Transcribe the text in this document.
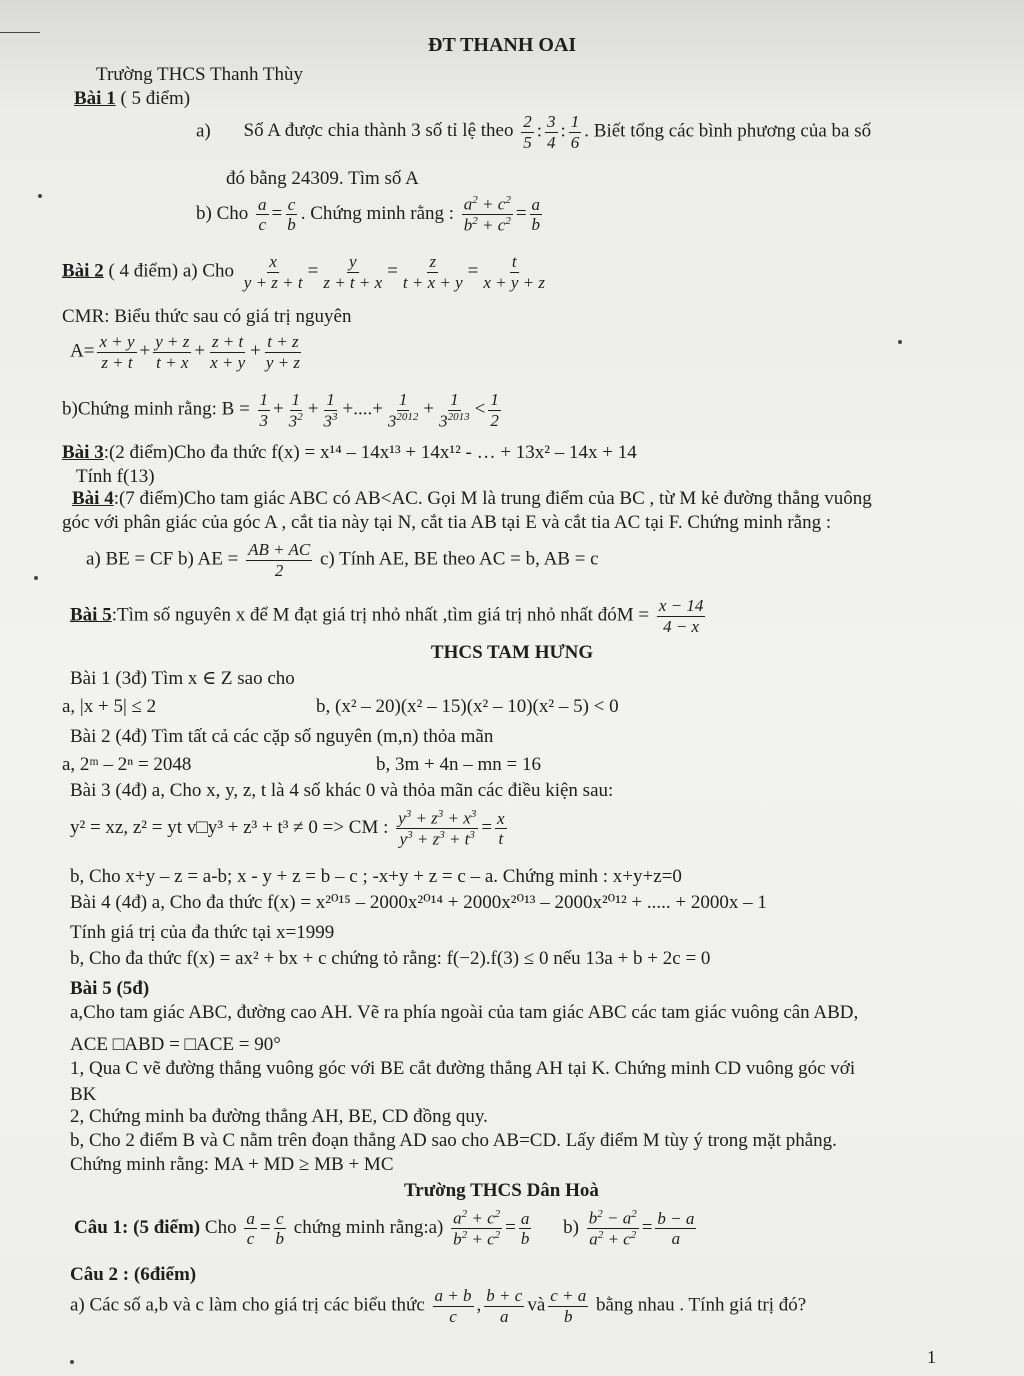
ĐT THANH OAI
Trường THCS Thanh Thùy
Bài 1 ( 5 điểm)
a) Số A được chia thành 3 số tỉ lệ theo $\frac{2}{5}$ : $\frac{3}{4}$ : $\frac{1}{6}$ . Biết tổng các bình phương của ba số
đó bằng 24309. Tìm số A
b) Cho $\frac{a}{c} = \frac{c}{b}$ . Chứng minh rằng : $\frac{a^2 + c^2}{b^2 + c^2} = \frac{a}{b}$
Bài 2 ( 4 điểm) a) Cho $\frac{x}{y + z + t} = \frac{y}{z + t + x} = \frac{z}{t + x + y} = \frac{t}{x + y + z}$
CMR: Biểu thức sau có giá trị nguyên
$A= \frac{x + y}{z + t} + \frac{y + z}{t + x} + \frac{z + t}{x + y} + \frac{t + z}{y + z}$
b)Chứng minh rằng: $B = \frac{1}{3} + \frac{1}{3^2} + \frac{1}{3^3}$ +....+ $\frac{1}{3^{2012}} + \frac{1}{3^{2013}} < \frac{1}{2}$
Bài 3:(2 điểm)Cho đa thức f(x) = x¹⁴ – 14x¹³ + 14x¹² - … + 13x² – 14x + 14
Tính f(13)
Bài 4:(7 điểm)Cho tam giác ABC có AB<AC. Gọi M là trung điểm của BC , từ M kẻ đường thẳng vuông
góc với phân giác của góc A , cắt tia này tại N, cắt tia AB tại E và cắt tia AC tại F. Chứng minh rằng :
a) BE = CF b) AE = $\frac{AB + AC}{2} c$) Tính AE, BE theo AC = b, AB = c
Bài 5:Tìm số nguyên x để M đạt giá trị nhỏ nhất ,tìm giá trị nhỏ nhất đóM = $\frac{x - 14}{4 - x}$
THCS TAM HƯNG
Bài 1 (3đ) Tìm x ∈ Z sao cho
a, |x + 5| ≤ 2	b, (x² – 20)(x² – 15)(x² – 10)(x² – 5) < 0
Bài 2 (4đ) Tìm tất cả các cặp số nguyên (m,n) thỏa mãn
a, 2ᵐ – 2ⁿ = 2048	b, 3m + 4n – mn = 16
Bài 3 (4đ) a, Cho x, y, z, t là 4 số khác 0 và thỏa mãn các điều kiện sau:
y² = xz, z² = yt v□y³ + z³ + t³ ≠ 0 => CM : $\frac{y^3 + z^3 + x^3}{y^3 + z^3 + t^3} = \frac{x}{t}$
b, Cho x+y – z = a-b; x - y + z = b – c ; -x+y + z = c – a. Chứng minh : x+y+z=0
Bài 4 (4đ) a, Cho đa thức f(x) = x²⁰¹⁵ – 2000x²⁰¹⁴ + 2000x²⁰¹³ – 2000x²⁰¹² + ..... + 2000x – 1
Tính giá trị của đa thức tại x=1999
b, Cho đa thức f(x) = ax² + bx + c chứng tỏ rằng: f(−2).f(3) ≤ 0 nếu 13a + b + 2c = 0
Bài 5 (5đ)
a,Cho tam giác ABC, đường cao AH. Vẽ ra phía ngoài của tam giác ABC các tam giác vuông cân ABD,
ACE □ABD = □ACE = 90°
1, Qua C vẽ đường thẳng vuông góc với BE cắt đường thẳng AH tại K. Chứng minh CD vuông góc với
BK
2, Chứng minh ba đường thẳng AH, BE, CD đồng quy.
b, Cho 2 điểm B và C nằm trên đoạn thẳng AD sao cho AB=CD. Lấy điểm M tùy ý trong mặt phẳng.
Chứng minh rằng: MA + MD ≥ MB + MC
Trường THCS Dân Hoà
Câu 1: (5 điểm) Cho $\frac{a}{c} = \frac{c}{b}$ chứng minh rằng:a) $\frac{a^2 + c^2}{b^2 + c^2} = \frac{a}{b} b) \frac{b^2 - a^2}{a^2 + c^2} = \frac{b - a}{a}$
Câu 2 : (6điểm)
a) Các số a,b và c làm cho giá trị các biểu thức $\frac{a + b}{c}$ , $\frac{b + c}{a}$ và $\frac{c + a}{b}$ bằng nhau . Tính giá trị đó?
1
